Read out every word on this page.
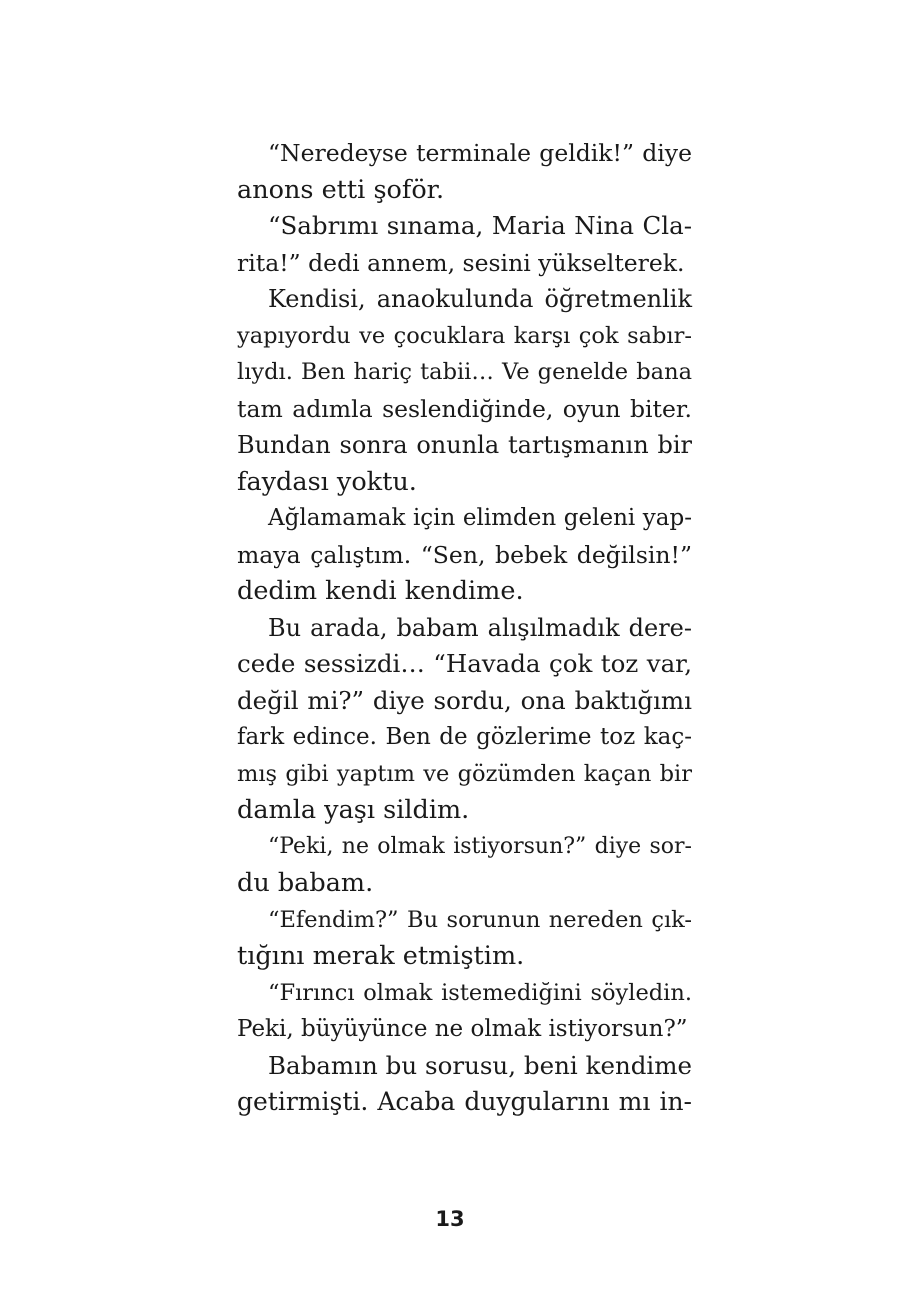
“Neredeyse terminale geldik!” diye
anons etti şoför.
“Sabrımı sınama, Maria Nina Cla-
rita!” dedi annem, sesini yükselterek.
Kendisi, anaokulunda öğretmenlik
yapıyordu ve çocuklara karşı çok sabır-
lıydı. Ben hariç tabii… Ve genelde bana
tam adımla seslendiğinde, oyun biter.
Bundan sonra onunla tartışmanın bir
faydası yoktu.
Ağlamamak için elimden geleni yap-
maya çalıştım. “Sen, bebek değilsin!”
dedim kendi kendime.
Bu arada, babam alışılmadık dere-
cede sessizdi… “Havada çok toz var,
değil mi?” diye sordu, ona baktığımı
fark edince. Ben de gözlerime toz kaç-
mış gibi yaptım ve gözümden kaçan bir
damla yaşı sildim.
“Peki, ne olmak istiyorsun?” diye sor-
du babam.
“Efendim?” Bu sorunun nereden çık-
tığını merak etmiştim.
“Fırıncı olmak istemediğini söyledin.
Peki, büyüyünce ne olmak istiyorsun?”
Babamın bu sorusu, beni kendime
getirmişti. Acaba duygularını mı in-
13
